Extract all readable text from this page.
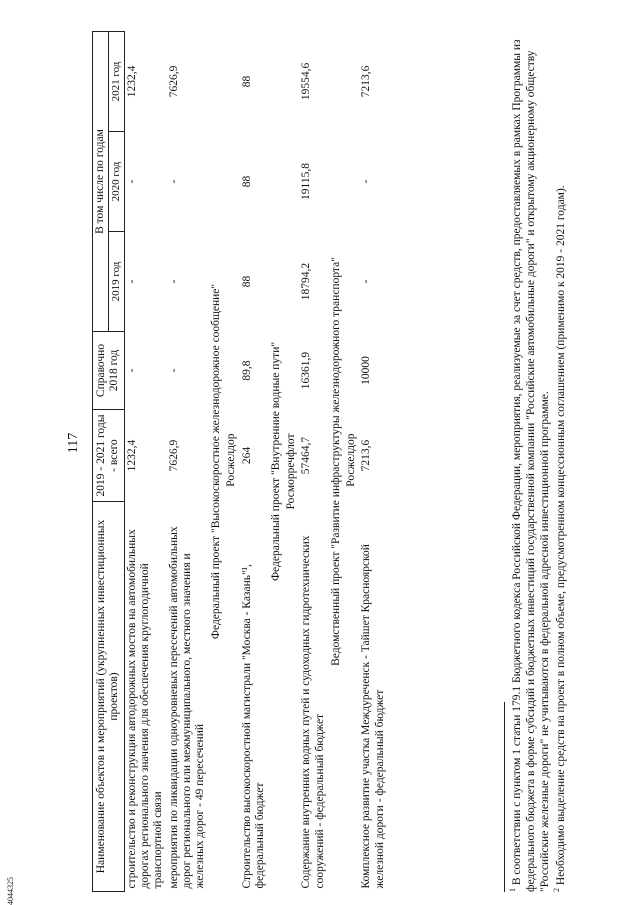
117
Наименование объектов и мероприятий (укрупненных инвестиционных проектов)	2019 - 2021 годы - всего	Справочно 2018 год	В том числе по годам		
			2019 год	2020 год	2021 год
строительство и реконструкция автодорожных мостов на автомобильных дорогах регионального значения для обеспечения круглогодичной транспортной связи	1232,4	-	-	-	1232,4
мероприятия по ликвидации одноуровневых пересечений автомобильных дорог регионального или межмуниципального, местного значения и железных дорог - 49 пересечений	7626,9	-	-	-	7626,9
Федеральный проект "Высокоскоростное железнодорожное сообщение"					
Росжелдор					
Строительство высокоскоростной магистрали "Москва - Казань"¹, федеральный бюджет	264	89,8	88	88	88
Федеральный проект "Внутренние водные пути"					
Росморречфлот					
Содержание внутренних водных путей и судоходных гидротехнических сооружений - федеральный бюджет	57464,7	16361,9	18794,2	19115,8	19554,6
Ведомственный проект "Развитие инфраструктуры железнодорожного транспорта"					
Росжелдор					
Комплексное развитие участка Междуреченск - Тайшет Красноярской железной дороги - федеральный бюджет	7213,6	10000	-	-	7213,6

$^1$ В соответствии с пунктом 1 статьи 179.1 Бюджетного кодекса Российской Федерации, мероприятия, реализуемые за счет средств, предоставляемых в рамках Программы из федерального бюджета в форме субсидий и бюджетных инвестиций государственной компании "Российские автомобильные дороги" и открытому акционерному обществу "Российские железные дороги" не учитываются в федеральной адресной инвестиционной программе. $^2$ Необходимо выделение средств на проект в полном объеме, предусмотренном концессионным соглашением (применимо к 2019 - 2021 годам).

4044325
